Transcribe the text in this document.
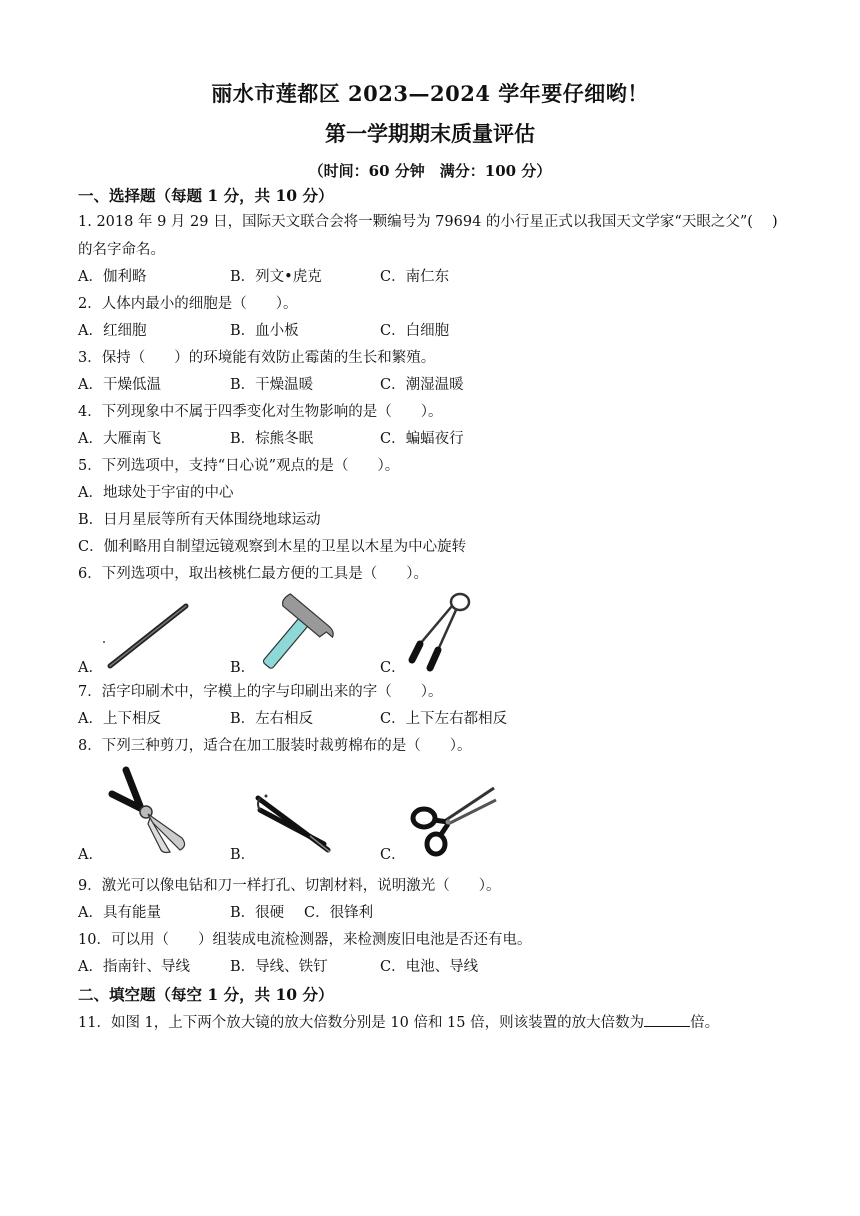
丽水市莲都区 2023—2024 学年要仔细哟！
第一学期期末质量评估
（时间：60 分钟　满分：100 分）
一、选择题（每题 1 分，共 10 分）
1. 2018 年 9 月 29 日，国际天文联合会将一颗编号为 79694 的小行星正式以我国天文学家“天眼之父”( )
的名字命名。
A．伽利略	B．列文•虎克	C．南仁东
2．人体内最小的细胞是（　　）。
A．红细胞	B．血小板	C．白细胞
3．保持（　　）的环境能有效防止霉菌的生长和繁殖。
A．干燥低温	B．干燥温暖	C．潮湿温暖
4．下列现象中不属于四季变化对生物影响的是（　　）。
A．大雁南飞	B．棕熊冬眠	C．蝙蝠夜行
5．下列选项中，支持“日心说”观点的是（　　）。
A．地球处于宇宙的中心
B．日月星辰等所有天体围绕地球运动
C．伽利略用自制望远镜观察到木星的卫星以木星为中心旋转
6．下列选项中，取出核桃仁最方便的工具是（　　）。
A．	B．	C．
7．活字印刷术中，字模上的字与印刷出来的字（　　）。
A．上下相反	B．左右相反	C．上下左右都相反
8．下列三种剪刀，适合在加工服装时裁剪棉布的是（　　）。
A．	B．	C．
9．激光可以像电钻和刀一样打孔、切割材料，说明激光（　　）。
A．具有能量	B．很硬 C．很锋利
10．可以用（　　）组装成电流检测器，来检测废旧电池是否还有电。
A．指南针、导线	B．导线、铁钉	C．电池、导线
二、填空题（每空 1 分，共 10 分）
11．如图 1，上下两个放大镜的放大倍数分别是 10 倍和 15 倍，则该装置的放大倍数为	倍。
